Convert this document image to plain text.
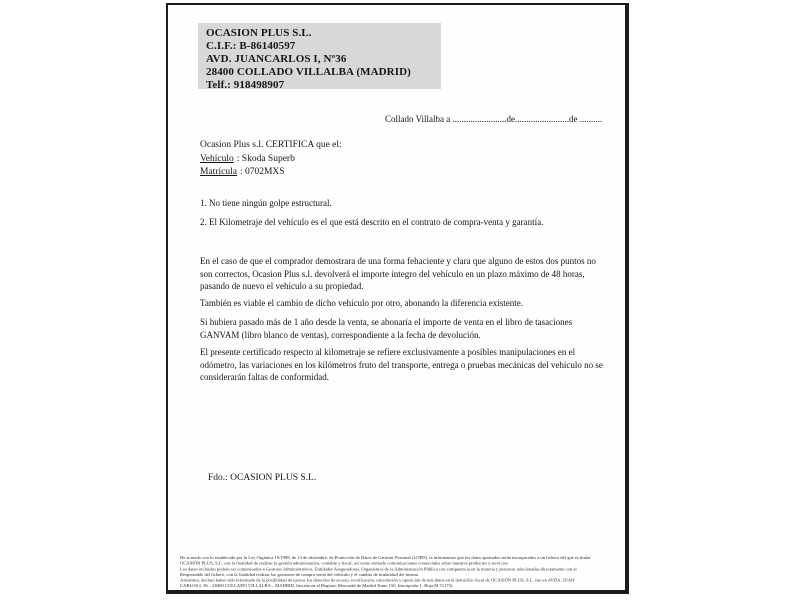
OCASION PLUS S.L.
C.I.F.: B-86140597
AVD. JUANCARLOS I, Nº36
28400 COLLADO VILLALBA (MADRID)
Telf.: 918498907
Collado Villalba a ........................de........................de ..........
Ocasion Plus s.l. CERTIFICA que el:
Vehículo : Skoda Superb
Matrícula : 0702MXS
1. No tiene ningún golpe estructural.
2. El Kilometraje del vehículo es el que está descrito en el contrato de compra-venta y garantía.
En el caso de que el comprador demostrara de una forma fehaciente y clara que alguno de estos dos puntos no son correctos, Ocasion Plus s.l. devolverá el importe íntegro del vehículo en un plazo máximo de 48 horas, pasando de nuevo el vehículo a su propiedad.
También es viable el cambio de dicho vehículo por otro, abonando la diferencia existente.
Si hubiera pasado más de 1 año desde la venta, se abonaría el importe de venta en el libro de tasaciones GANVAM (libro blanco de ventas), correspondiente a la fecha de devolución.
El presente certificado respecto al kilometraje se refiere exclusivamente a posibles manipulaciones en el odómetro, las variaciones en los kilómetros fruto del transporte, entrega o pruebas mecánicas del vehículo no se considerarán faltas de conformidad.
Fdo.: OCASION PLUS S.L.
De acuerdo con lo establecido por la Ley Orgánica 15/1999, de 13 de diciembre, de Protección de Datos de Carácter Personal (LOPD), le informamos que los datos aportados serán incorporados a un fichero del que es titular
OCASIÓN PLUS, S.L. con la finalidad de realizar la gestión administrativa, contable y fiscal, así como enviarle comunicaciones comerciales sobre nuestros productos y servicios.
Los datos incluidos podrán ser comunicados a Gestores Administrativos, Entidades Aseguradoras, Organismos de la Administración Pública con competencia en la materia y personas relacionadas directamente con el
Responsable del fichero, con la finalidad realizar las gestiones de compra venta del vehículo y el cambio de titularidad del mismo.
Asimismo, declaro haber sido informado de la posibilidad de ejercer los derechos de acceso, rectificación, cancelación y oposición de mis datos en el domicilio fiscal de OCASIÓN PLUS, S.L. sito en AVDA. JUAN
CARLOS I, 36 – 28400 COLLADO VILLALBA – MADRID. Inscrita en el Registro Mercantil de Madrid Tomo 150, Inscripción 1, Hoja M 51173)
